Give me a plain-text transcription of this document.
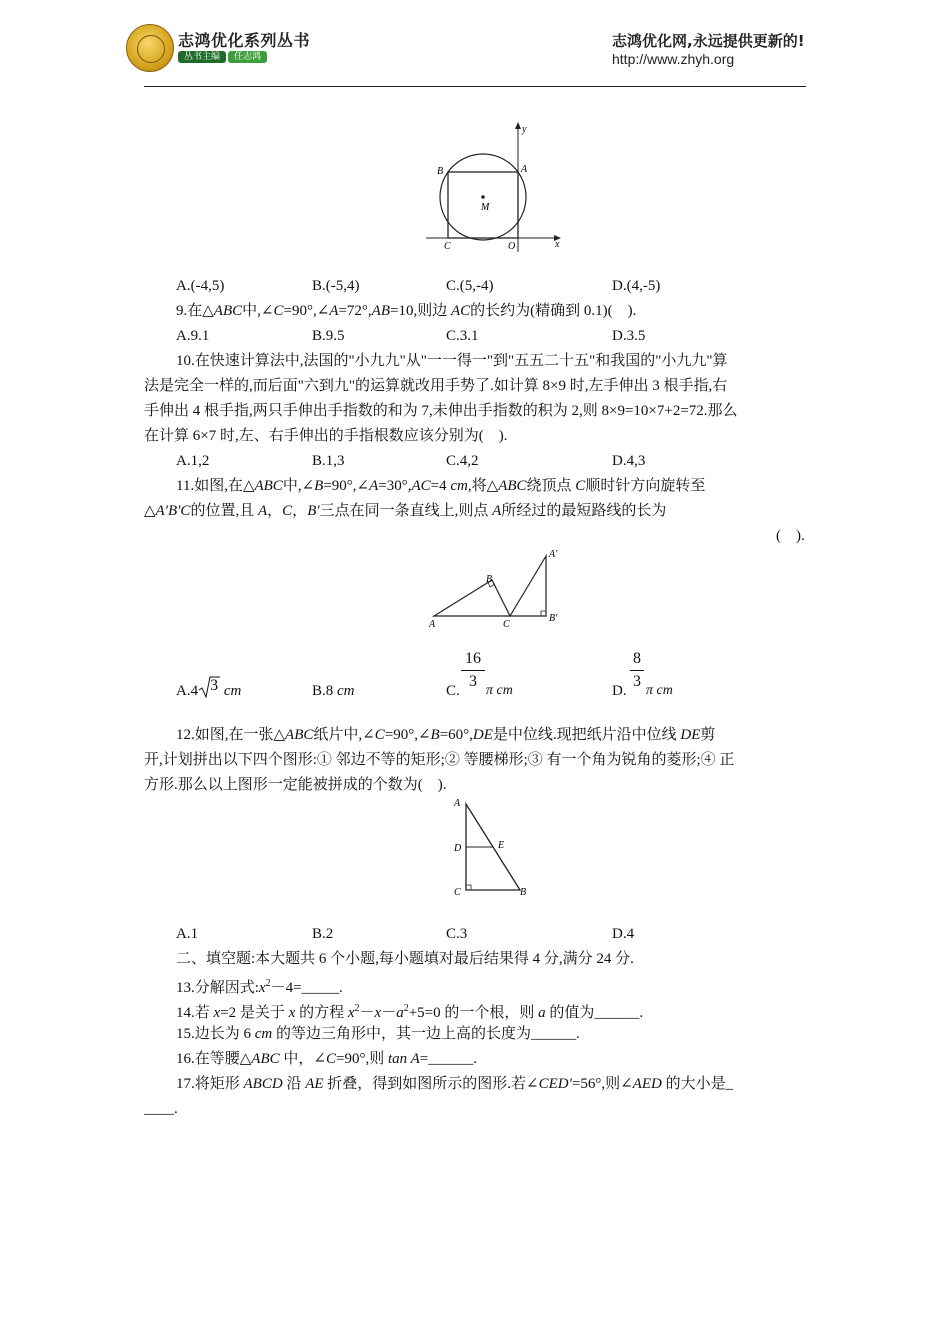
志鸿优化系列丛书
丛书主编	任志鸿
志鸿优化网,永远提供更新的!
http://www.zhyh.org
y
B	A
M
C	O	x
A.(-4,5)	B.(-5,4)	C.(5,-4)	D.(4,-5)
9.在△ABC中,∠C=90°,∠A=72°,AB=10,则边 AC的长约为(精确到 0.1)(　).
A.9.1	B.9.5	C.3.1	D.3.5
10.在快速计算法中,法国的"小九九"从"一一得一"到"五五二十五"和我国的"小九九"算
法是完全一样的,而后面"六到九"的运算就改用手势了.如计算 8×9 时,左手伸出 3 根手指,右
手伸出 4 根手指,两只手伸出手指数的和为 7,未伸出手指数的积为 2,则 8×9=10×7+2=72.那么
在计算 6×7 时,左、右手伸出的手指根数应该分别为(　).
A.1,2	B.1,3	C.4,2	D.4,3
11.如图,在△ABC中,∠B=90°,∠A=30°,AC=4 cm,将△ABC绕顶点 C顺时针方向旋转至
△A′B′C的位置,且 A，C，B′三点在同一条直线上,则点 A所经过的最短路线的长为
(　).
A
B
C
A′
B′
A.4 3 cm	B.8 cm	C.
16
3
π cm	D.
8
3
π cm
12.如图,在一张△ABC纸片中,∠C=90°,∠B=60°,DE是中位线.现把纸片沿中位线 DE剪
开,计划拼出以下四个图形:① 邻边不等的矩形;② 等腰梯形;③ 有一个角为锐角的菱形;④ 正
方形.那么以上图形一定能被拼成的个数为(　).
A
D	E
C	B
A.1	B.2	C.3	D.4
二、填空题:本大题共 6 个小题,每小题填对最后结果得 4 分,满分 24 分.
13.分解因式$:x^2-4=\_\_\_\_\_$.
14.若 x=2 是关于 x 的方程 $x^2-x-a^2+5=0$ 的一个根，则 a 的值为______.
15.边长为 6 cm 的等边三角形中，其一边上高的长度为______.
16.在等腰△ABC 中，∠C=90°,则 tan A=______.
17.将矩形 ABCD 沿 AE 折叠，得到如图所示的图形.若∠CED′=56°,则∠AED 的大小是_
____.
